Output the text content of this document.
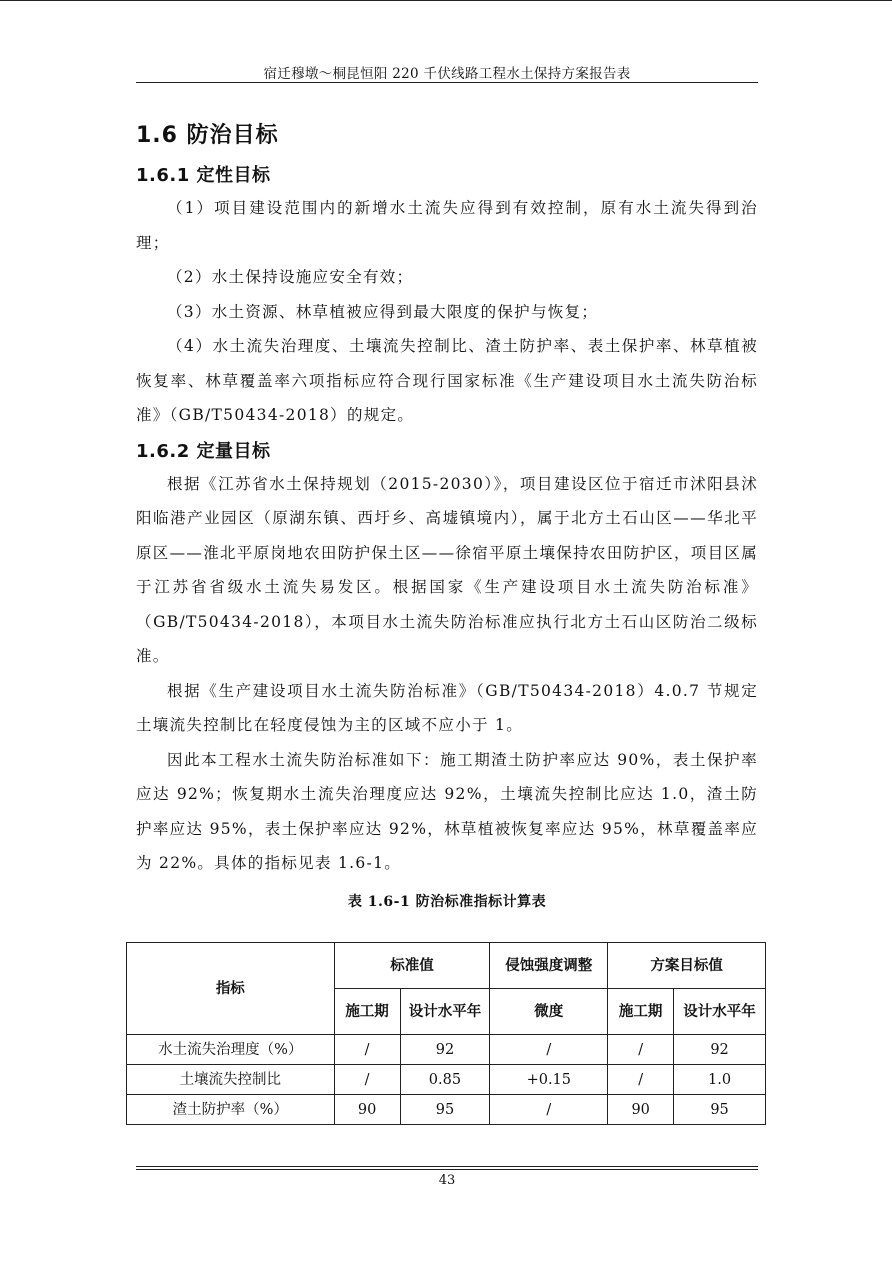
宿迁穆墩～桐昆恒阳 220 千伏线路工程水土保持方案报告表
1.6 防治目标
1.6.1 定性目标

（1）项目建设范围内的新增水土流失应得到有效控制，原有水土流失得到治理；

（2）水土保持设施应安全有效；

（3）水土资源、林草植被应得到最大限度的保护与恢复；

（4）水土流失治理度、土壤流失控制比、渣土防护率、表土保护率、林草植被恢复率、林草覆盖率六项指标应符合现行国家标准《生产建设项目水土流失防治标准》（GB/T50434-2018）的规定。

1.6.2 定量目标

根据《江苏省水土保持规划（2015-2030）》，项目建设区位于宿迁市沭阳县沭阳临港产业园区（原湖东镇、西圩乡、高墟镇境内），属于北方土石山区——华北平原区——淮北平原岗地农田防护保土区——徐宿平原土壤保持农田防护区，项目区属于江苏省省级水土流失易发区。根据国家《生产建设项目水土流失防治标准》（GB/T50434-2018），本项目水土流失防治标准应执行北方土石山区防治二级标准。

根据《生产建设项目水土流失防治标准》（GB/T50434-2018）4.0.7 节规定土壤流失控制比在轻度侵蚀为主的区域不应小于 1。

因此本工程水土流失防治标准如下：施工期渣土防护率应达 90%，表土保护率应达 92%；恢复期水土流失治理度应达 92%，土壤流失控制比应达 1.0，渣土防护率应达 95%，表土保护率应达 92%，林草植被恢复率应达 95%，林草覆盖率应为 22%。具体的指标见表 1.6-1。

表 1.6-1 防治标准指标计算表
指标	标准值		侵蚀强度调整	方案目标值	
	施工期	设计水平年	微度	施工期	设计水平年
水土流失治理度（%）	/	92	/	/	92
土壤流失控制比	/	0.85	+0.15	/	1.0
渣土防护率（%）	90	95	/	90	95
43
